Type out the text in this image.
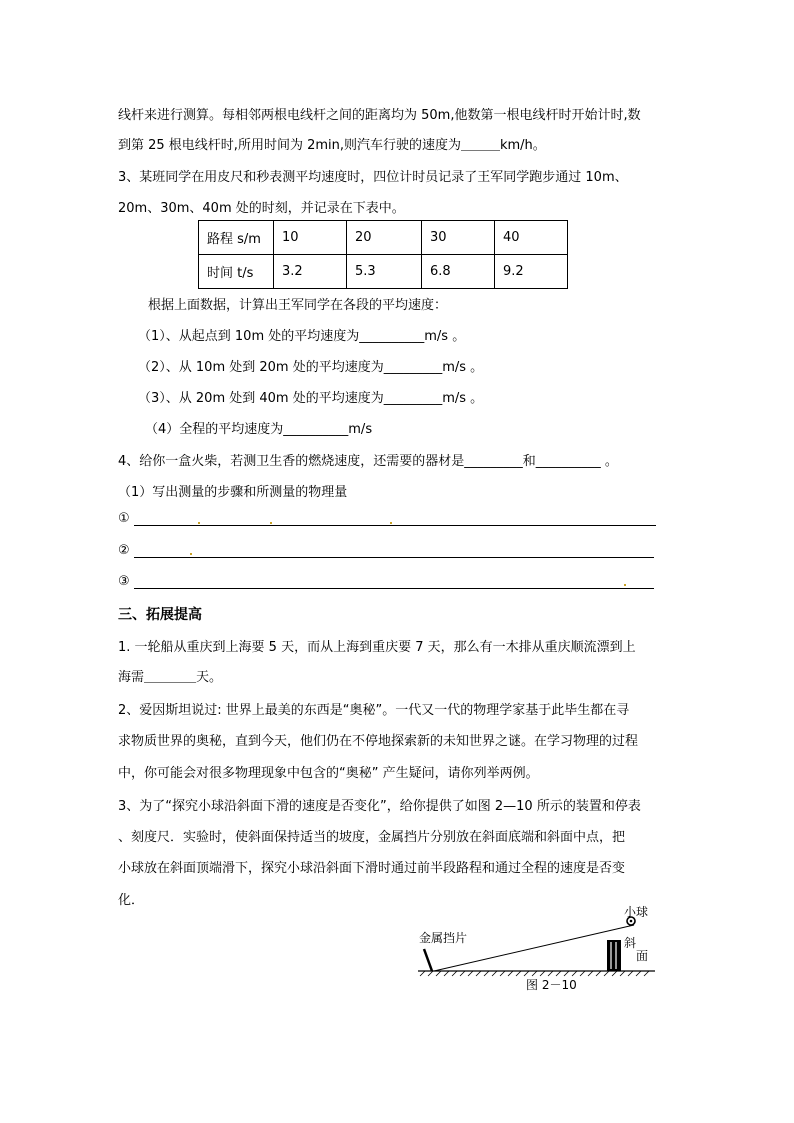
线杆来进行测算。每相邻两根电线杆之间的距离均为 50m,他数第一根电线杆时开始计时,数
到第 25 根电线杆时,所用时间为 2min,则汽车行驶的速度为＿＿＿km/h。
3、某班同学在用皮尺和秒表测平均速度时，四位计时员记录了王军同学跑步通过 10m、
20m、30m、40m 处的时刻，并记录在下表中。
路程 s/m	10	20	30	40
时间 t/s	3.2	5.3	6.8	9.2
根据上面数据，计算出王军同学在各段的平均速度：
（1）、从起点到 10m 处的平均速度为__________m/s 。
（2）、从 10m 处到 20m 处的平均速度为_________m/s 。
（3）、从 20m 处到 40m 处的平均速度为_________m/s 。
（4）全程的平均速度为__________m/s
4、给你一盒火柴，若测卫生香的燃烧速度，还需要的器材是_________和__________ 。
（1）写出测量的步骤和所测量的物理量
①
②
③
三、拓展提高
1. 一轮船从重庆到上海要 5 天，而从上海到重庆要 7 天，那么有一木排从重庆顺流漂到上
海需＿＿＿＿天。
2、爱因斯坦说过: 世界上最美的东西是“奥秘”。一代又一代的物理学家基于此毕生都在寻
求物质世界的奥秘，直到今天，他们仍在不停地探索新的未知世界之谜。在学习物理的过程
中，你可能会对很多物理现象中包含的“奥秘” 产生疑问，请你列举两例。
3、为了“探究小球沿斜面下滑的速度是否变化”，给你提供了如图 2—10 所示的装置和停表
、刻度尺．实验时，使斜面保持适当的坡度，金属挡片分别放在斜面底端和斜面中点，把
小球放在斜面顶端滑下，探究小球沿斜面下滑时通过前半段路程和通过全程的速度是否变
化．
金属挡片
小球
斜
面
图 2－10
